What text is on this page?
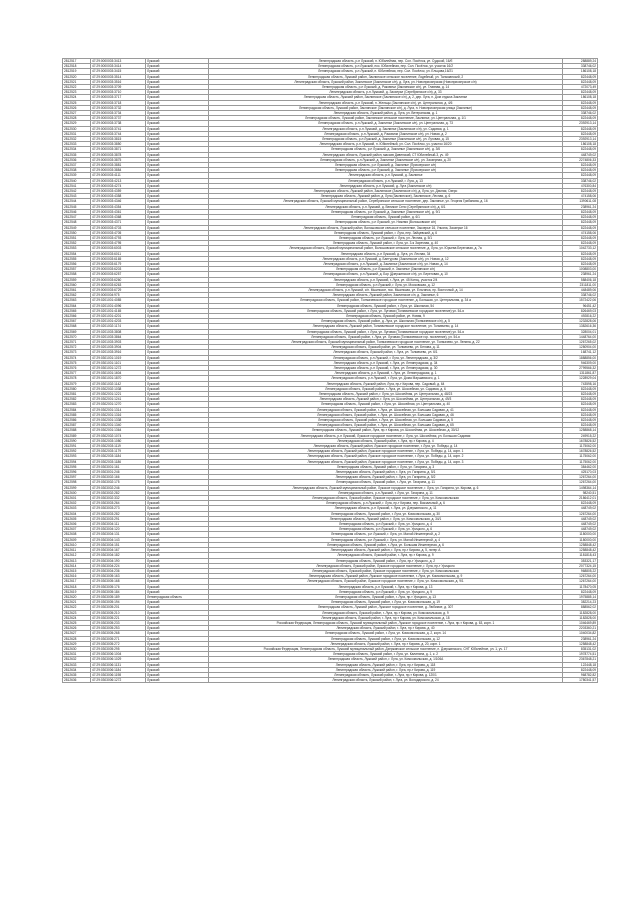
2812517	47:29:0000003:3413	Лужский	Ленинградская область, р-н Лужский, п. Юбилейная, пер. Сол. Посёлок, ул. Судской, 16/б	288889,24
2812518	47:29:0000003:3414	Лужский	Ленинградская область, р-н Лужский, пос. Юбилейная, пер. Сол. Посёлок, ул. участок 16/2	338746,02
2812519	47:29:0000003:3415	Лужский	Ленинградская область, р-н Лужский, п. Юбилейная, пер. Сол. Посёлок, ул. Ельцова,16/21	186108,18
2812520	47:29:0000003:3514	Лужский	Ленинградская область, Лужский район, Заклинское сельское поселение, Лодейный, ул. Тальманский, 2	822448,09
2812521	47:29:0000003:3516	Лужский	Ленинградская область, Лужский район, Заклинское (Заклинское с/п), д. Луга, ул. Новоприозерская (Новоприозерское с/п)	822448,09
2812522	47:29:0000003:3709	Лужский	Ленинградская область, р-н Лужский, д. Раковичи (Заклинское с/п), ул. Главная, д. 14	472073,49
2812523	47:29:0000003:3710	Лужский	Ленинградская область, р-н Лужский, д. Заозерье (Серебрянское с/п), д. 33	822448,09
2812524	47:29:0000003:3717	Лужский	Ленинградская область, Лужский район, Заклинское (Заклинское с/п), д. 2, дер. Луга, п. Дом отдыха Заклинье	186108,18
2812525	47:29:0000003:3718	Лужский	Ленинградская область, р-н Лужский, п. Жельцы (Заклинское с/п), ул. Центральная, д. 4/6	822448,09
2812526	47:29:0000003:3732	Лужский	Ленинградская область, Лужский район, Заклинское (Заклинское с/п), д. Луга, п. Новоприозерская улица (Заклинье)	822448,09
2812527	47:29:0000003:3734	Лужский	Ленинградская область, Лужский район, д. Луга, ул. Ветеранская, д. 1	338746,02
2812528	47:29:0000003:3737	Лужский	Ленинградская область, Лужский район, Заклинское сельское поселение, Заклинье, ул. Центральная, д. 1/1	822448,09
2812529	47:29:0000003:3738	Лужский	Ленинградская область, р-н Лужский, д. Заклинье (Заклинское с/п), ул. Центральная, д. 73	2392913,14
2812530	47:29:0000003:3741	Лужский	Ленинградская область, р-н Лужский, д. Заклинье (Заклинское с/п), ул. Садовая, д. 1	822448,09
2812531	47:29:0000003:3744	Лужский	Ленинградская область, р-н Лужский, д. Раковичи (Заклинское с/п), ул. Новая, д. 2	822448,09
2812532	47:29:0000003:3815	Лужский	Ленинградская область, р-н Лужский, д. Заклинье (Заклинское с/п), ул. Луговая, д. 15	2392913,14
2812533	47:29:0000003:3850	Лужский	Ленинградская область, р-н Лужский, п. Юбилейный, ул. Сол. Посёлок, уч. участок 16/20	186108,18
2812534	47:29:0000003:3871	Лужский	Ленинградская область, р-н Лужский, д. Заклинье (Заклинское с/п), д. 3/6	822448,09
2812535	47:29:0000003:3878	Лужский	Ленинградская область, Лужский район, массив Дивенский, СТ Юбилейный-3, уч. 49	448749,02
2812536	47:29:0000003:3875	Лужский	Ленинградская область, р-н Лужский, д. Заклинье (Заклинское с/п), ул. Заозерная, д. 20	2274806,33
2812537	47:29:0000003:3881	Лужский	Ленинградская область, р-н Лужский, д. Заклинье (Приозерское с/п)	822448,09
2812538	47:29:0000003:3884	Лужский	Ленинградская область, р-н Лужский, д. Заклинье (Приозерское с/п)	822448,09
2812539	47:29:0000003:4111	Лужский	Ленинградская область, р-н Лужский, д. Заклинье	822448,09
2812540	47:29:0000003:4213	Лужский	Ленинградская область, р-н Лужский, г. Луга, д. 13	338746,02
2812541	47:29:0000003:4274	Лужский	Ленинградская область, р-н Лужский, д. Луга (Заклинское с/п)	476300,84
2812542	47:29:0000003:4359	Лужский	Ленинградская область, Лужский район, Заклинское (Заклинское с/п), д. Луга, ул. Дачная, Озеро	822448,09
2812543	47:29:0000003:4358	Лужский	Ленинградская область, Лужский район, д. Луга (Заклинское), Заклинское, Лесная, д. 6	474158,06
2812544	47:29:0000003:4346	Лужский	Ленинградская область, Лужский муниципальный район, Серебрянское сельское поселение, дер. Заклинье, ул. Георгия Грибанова, д. 16	1390611,08
2812545	47:29:0000003:4354	Лужский	Ленинградская область, р-н Лужский, д. Великое Село (Серебрянское с/п), д. 6/1	238961,24
2812546	47:29:0000003:4361	Лужский	Ленинградская область, р-н Лужский, д. Заклинье (Заклинское с/п), д. 9/1	822448,09
2812547	47:29:0000003:4368	Лужский	Ленинградская область, Лужский район, д. 6/1	822448,09
2812548	47:29:0000003:4371	Лужский	Ленинградская область, р-н Лужский, ул. Нижняя (Волошовское с/п)	822448,09
2812549	47:29:0000003:4703	Лужский	Ленинградская область, Лужский район, Волошовское сельское поселение, Заозерье 16, Ульяна, Заозерье 16	822448,09
2812550	47:29:0000003:4705	Лужский	Ленинградская область, Лужский район, г. Луга, пер. Зайцевский, д. 6	474158,06
2812551	47:29:0000003:4793	Лужский	Ленинградская область, р-н Лужский, г. Луга, ул. Лесная, д. 5/1	822448,09
2812552	47:29:0000003:4795	Лужский	Ленинградская область, Лужский район, г. Луга, ул. 3-я Заречная, д. 40	822448,09
2812553	47:29:0000003:6003	Лужский	Ленинградская область, Лужский муниципальный район, Волошовское сельское поселение, д. Луга, ул. Юрьева Береговая, д. 7а	1042733,12
2812554	47:29:0000003:6011	Лужский	Ленинградская область, р-н Лужский, д. Луга, ул. Лесная, 34	822448,09
2812555	47:29:0000003:6165	Лужский	Ленинградская область, р-н Лужский, д. Бантурово (Заклинское с/п), ул. Новая, д. 12	822448,09
2812556	47:29:0000003:6179	Лужский	Ленинградская область, р-н Лужский, д. Заклинье (Заклинское с/п), ул. Новая, д. 14	822448,09
2812557	47:29:0000003:6203	Лужский	Ленинградская область, р-н Лужский, п. Заклинье (Заклинское с/п)	1008803,00
2812558	47:29:0000003:6257	Лужский	Ленинградская область, р-н Лужский, д. Бор (Дзержинское с/п), ул. Береговая, д. 10	238961,24
2812559	47:29:0000003:6260	Лужский	Ленинградская область, р-н Лужский, г. Луга, ул. 45 Котиц, участок 2/4	588406,18
2812560	47:29:0000003:6263	Лужский	Ленинградская область, р-н Лужский, г. Луга, ул. Московская, д. 12	2311811,00
2812561	47:29:0000003:6729	Лужский	Ленинградская область, р-н Лужский, с/п. Мшинское, пос. Мшинская, ул. Ельгинка, пр. Восточный, д. 14	448489,06
2812562	47:29:0000004:975	Лужский	Ленинградская область, Лужский район, Заклинское с/п, д. Заклинье, 6	338746,02
2812563	47:29:0201001:4085	Лужский	Ленинградская область, Лужский район, Толмачевское городское поселение, д. Большая, ул. Центральная, д. 34 а	1572422,06
2812564	47:29:0201001:4096	Лужский	Ленинградская область, Лужский район, г. Луга, ул. Школьная, 54	96451,42
2812565	47:29:0201001:4165	Лужский	Ленинградская область, Лужский район, г. Луга, ул. Луговая (Толмачевское городское поселение) ул. 54-я	826469,03
2812566	47:29:0201001:4201	Лужский	Ленинградская область, Лужский район, ул. Новая, 9	492816,22
2812567	47:29:0201001:4203	Лужский	Ленинградская область, Лужский район, д. Луга, ул. Школьная (Толмачевское с/п), д. 5	1232828,06
2812568	47:29:0201002:1174	Лужский	Ленинградская область, Лужский район, Толмачевское городское поселение, ул. Толмачево, д. 14	1382616,36
2812569	47:29:0201003:3808	Лужский	Ленинградская область, Лужский район, г. Луга, ул. Луговая (Толмачевское городское поселение) ул. 54-я	328004,01
2812570	47:29:0201003:3864	Лужский	Ленинградская область, Лужский район, г. Луга, ул. Луговая (Толмачевское гор. поселение), ул. 54-я	1448764,00
2812571	47:29:0201003:3903	Лужский	Ленинградская область, Лужский муниципальный район, Толмачевское городское поселение, ул. Толмачево, ул. Ленина, д. 22	1267265,02
2812572	47:29:0201003:3904	Лужский	Ленинградская область, Лужский район, ул. Толмачево, ул. Белова, д. 11	1280904,00
2812573	47:29:0201003:3916	Лужский	Ленинградская область, Лужский район, г. Луга, ул. Толмачево, ул. 6/1	168741,12
2812574	47:29:0301001:1019	Лужский	Ленинградская область, р-н Лужский, г. Луга, ул. Ленинградская, д. 3/2	1888856,00
2812575	47:29:0301001:1101	Лужский	Ленинградская область, р-н Лужский, г. Луга, ул. Ленинградская, д. 34	946309,00
2812576	47:29:0301001:1272	Лужский	Ленинградская область, р-н Лужский, г. Луга, ул. Ленинградская, д. 30	2799566,32
2812577	47:29:0301001:1604	Лужский	Ленинградская область, р-н Лужский, г. Луга, ул. Ленинградская, д. 1	1311861,87
2812578	47:29:0301001:1870	Лужский	Ленинградская область, р-н Лужский, г. Луга, ул. Дома Маршавского, д. 1	1228929,04
2812579	47:29:0301002:1142	Лужский	Ленинградская область, Лужский район, Луга, пр-т Кирова, пер. Садовый, д. 64	743598,16
2812580	47:29:0302002:1038	Лужский	Ленинградская область, Лужский район, г. Луга, ул. Шоссейная, ул. Садовая, д. 6	822448,09
2812581	47:29:0302001:1221	Лужский	Ленинградская область, Лужский район, г. Луга, ул. Шоссейная, ул. Центральная, д. 48/23	822448,09
2812582	47:29:0302001:1241	Лужский	Ленинградская область, Лужский район, г. Луга, ул. Шоссейная, ул. Центральная, д. 49/3	822448,09
2812583	47:29:0302001:1270	Лужский	Ленинградская область, Лужский район, г. Луга, ул. Шоссейная, ул. Центральная, д. 40	822448,09
2812584	47:29:0302001:1314	Лужский	Ленинградская область, Лужский район, г. Луга, ул. Шоссейная, ул. Большая Садовая, д. 41	822448,09
2812585	47:29:0302001:1316	Лужский	Ленинградская область, Лужский район, г. Луга, ул. Шоссейная, ул. Большая Садовая, д. 46	822448,09
2812586	47:29:0302001:1338	Лужский	Ленинградская область, Лужский район, г. Луга, ул. Шоссейная, ул. Большая Садовая, д. 5	822448,09
2812587	47:29:0302001:1340	Лужский	Ленинградская область, Лужский район, г. Луга, ул. Шоссейная, ул. Большая Садовая, д. 65	822448,09
2812588	47:29:0302001:1364	Лужский	Ленинградская область, Лужский район, Луга, пр-т Кирова, ул. Шоссейная, ул. Шоссейная, д. 30/12	1258868,14
2812589	47:29:0302002:1074	Лужский	Ленинградская область, р-н Лужский, Лужское городское поселение, г. Луга, ул. Шоссейная, ул. Большая Садовая	249915,22
2812590	47:29:0302003:1080	Лужский	Ленинградская область, Лужский район, г. Луга, пр-т Кирова, д. 4	1678826,52
2812591	47:29:0302003:1119	Лужский	Ленинградская область, Лужский район, Лужское городское поселение, г. Луга, ул. Победы, д. 14	1175062,00
2812592	47:29:0302003:1179	Лужский	Ленинградская область, Лужский район, Лужское городское поселение, г. Луга, ул. Победы, д. 14, корп. 1	1678826,52
2812593	47:29:0302003:1184	Лужский	Ленинградская область, Лужский район, Лужское городское поселение, г. Луга, ул. Победы, д. 14, корп. 2	1175062,00
2812594	47:29:0302003:1186	Лужский	Ленинградская область, Лужский район, Лужское городское поселение, г. Луга, ул. Победы, д. 14, корп. 3	1175062,00
2812595	47:29:0303001:161	Лужский	Ленинградская область, Лужский район, г. Луга, ул. Гагарина, д. 3	384462,00
2812596	47:29:0303001:246	Лужский	Ленинградская область, Лужский район, г. Луга, ул. Гагарина, д. 5/1	425170,03
2812597	47:29:0303002:166	Лужский	Ленинградская область, Лужский район, г. Луга, ул. Гагарина, д. 5/2	1267264,00
2812598	47:29:0303002:175	Лужский	Ленинградская область, Лужский район, г. Луга, ул. Гагарина, д. 11	1267264,00
2812599	47:29:0303002:246	Лужский	Ленинградская область, Лужский муниципальный район, Лужское городское поселение, г. Луга, ул. Гагарина, ул. Кирова, д. 6	1498364,14
2812600	47:29:0303002:282	Лужский	Ленинградская область, р-н Лужский, г. Луга, ул. Гагарина, д. 11	98240,51
2812601	47:29:0303002:332	Лужский	Ленинградская область, Лужский район, Лужское городское поселение, г. Луга, ул. Комсомольская	2186412,01
2812602	47:29:0303003:264	Лужский	Ленинградская область, р-н Лужский, г. Луга, пр-т Кирова, пер. Вокзальный, д. 6	822448,09
2812603	47:29:0303003:273	Лужский	Ленинградская область, р-н Лужский, г. Луга, ул. Дзержинского, д. 11	448749,02
2812604	47:29:0303003:282	Лужский	Ленинградская область, Лужский район, г. Луга, ул. Комсомольская, д. 30	1267264,00
2812605	47:29:0303003:291	Лужский	Ленинградская область, Лужский район, г. Луга, ул. Комсомольская, д. 34/1	448749,02
2812606	47:29:0303004:111	Лужский	Ленинградская область, р-н Лужский, г. Луга, ул. Урицкого, д. 4	448749,02
2812607	47:29:0303004:120	Лужский	Ленинградская область, р-н Лужский, г. Луга, ул. Урицкого, д. 6	448749,02
2812608	47:29:0303004:131	Лужский	Ленинградская область, р-н Лужский, г. Луга, ул. Малой Инженерной, д. 2	1180000,00
2812609	47:29:0303004:143	Лужский	Ленинградская область, р-н Лужский, г. Луга, ул. Малой Инженерной, д. 4	1180000,00
2812610	47:29:0303004:151	Лужский	Ленинградская область, Лужский район, г. Луга, ул. Большая Инженерная, д. 6	1258848,42
2812611	47:29:0303004:167	Лужский	Ленинградская область, Лужский район, г. Луга, пр-т Кирова, д. 5, литер А	1258848,42
2812612	47:29:0303004:182	Лужский	Ленинградская область, Лужский район, г. Луга, пр-т Кирова, д. 9	1181818,43
2812613	47:29:0303004:190	Лужский	Ленинградская область, Лужский район, г. Луга, пр-т Урицкого, д. 2	353321,17
2812614	47:29:0303004:224	Лужский	Ленинградская область, Лужский район, Лужское городское поселение, г. Луга, пр-т Урицкого	2077324,15
2812615	47:29:0303004:236	Лужский	Ленинградская область, Лужский район, Лужское городское поселение, г. Луга, ул. Комсомольская	968805,22
2812616	47:29:0303005:163	Лужский	Ленинградская область, Лужский район, Лужское городское поселение, г. Луга, ул. Комсомольская, д. 9	1267264,00
2812617	47:29:0303005:168	Лужский	Ленинградская область, Лужский район, Лужское городское поселение, г. Луга, ул. Комсомольская, д. 9/1	1267264,00
2812618	47:29:0303005:176	Лужский	Ленинградская область, р-н Лужский, г. Луга, пр-т Кирова, д. 13	1178470,05
2812619	47:29:0303005:184	Лужский	Ленинградская область, р-н Лужский, г. Луга, ул. Урицкого, д. 9	822448,09
2812620	47:29:0303005:189	Ленинградская область	Ленинградская область, Лужский район, г. Луга, пр-т Урицкого, д. 13	1975885,14
2812621	47:29:0303005:194	Лужский	Ленинградская область, Лужский район, г. Луга, ул. Комсомольская, д. 19	382214,23
2812622	47:29:0303005:201	Лужский	Ленинградская область, Лужский район, Лужское городское поселение, д. Любимое, д. 307	888562,02
2812623	47:29:0303005:210	Лужский	Ленинградская область, Лужский район, г. Луга, пр-т Кирова, ул. Комсомольская, д. 9	1182828,00
2812624	47:29:0303005:221	Лужский	Ленинградская область, Лужский район, г. Луга, пр-т Кирова, ул. Комсомольская, д. 18	1182828,00
2812625	47:29:0303005:233	Лужский	Российская Федерация, Ленинградская область, Лужский муниципальный район, Лужское городское поселение, г. Луга, пр-т Кирова, д. 63, корп. 1	1046469,89
2812626	47:29:0303005:253	Лужский	Ленинградская область, Лужский район, г. Луга, пр-т Кирова, д. 40	2203360,21
2812627	47:29:0303005:268	Лужский	Ленинградская область, Лужский район, г. Луга, ул. Комсомольская, д. 2, корп. 14	1040034,82
2812628	47:29:0303005:271	Лужский	Ленинградская область, Лужский район, г. Луга, ул. Комсомольская, д. 12	238961,24
2812629	47:29:0303005:272	Лужский	Ленинградская область, Лужский район, г. Луга, пр-т Кирова, д. 20, корп. 1	1258848,42
2812630	47:29:0303005:295	Лужский	Российская Федерация, Ленинградская область, Лужский муниципальный район, Дзержинское сельское поселение, п. Дзержинского, СНТ Юбилейное, ул. 1, уч. 17	835131,02
2812631	47:29:0303006:1004	Лужский	Ленинградская область, Лужский район, г. Луга, ул. Калинина, д. 1, к. 2	1978774,51
2812632	47:29:0303006:1029	Лужский	Ленинградская область, Лужский район, г. Луга, ул. Комсомольская, д. 1/106А	2367848,21
2812633	47:29:0303006:1131	Лужский	Ленинградская область, Лужский район, г. Луга, пр-т Кирова, д. 118	122448,18
2812634	47:29:0303006:1184	Лужский	Ленинградская область, Лужский район, г. Луга, пр-т Кирова, д. 119	822448,09
2812635	47:29:0303006:1198	Лужский	Ленинградская область, Лужский район, г. Луга, пр-т Кирова, д. 120/1	968782,82
2812636	47:29:0303006:1272	Лужский	Ленинградская область, Лужский район, г. Луга, ул. Володарского, д. 24	1780341,57
